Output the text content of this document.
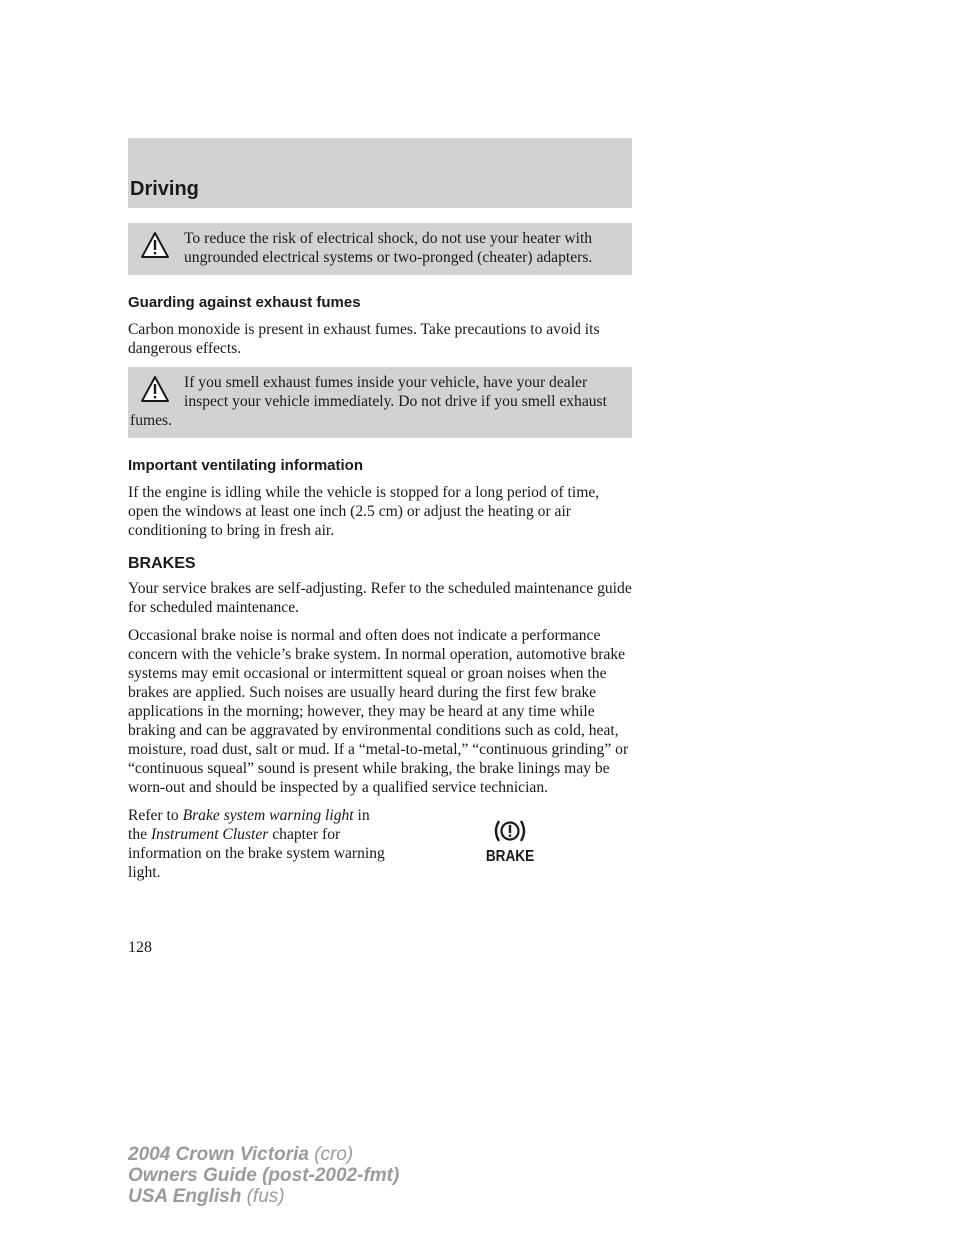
Driving

To reduce the risk of electrical shock, do not use your heater with ungrounded electrical systems or two-pronged (cheater) adapters.

Guarding against exhaust fumes

Carbon monoxide is present in exhaust fumes. Take precautions to avoid its dangerous effects.

If you smell exhaust fumes inside your vehicle, have your dealer inspect your vehicle immediately. Do not drive if you smell exhaust fumes.

Important ventilating information

If the engine is idling while the vehicle is stopped for a long period of time, open the windows at least one inch (2.5 cm) or adjust the heating or air conditioning to bring in fresh air.

BRAKES

Your service brakes are self-adjusting. Refer to the scheduled maintenance guide for scheduled maintenance.

Occasional brake noise is normal and often does not indicate a performance concern with the vehicle’s brake system. In normal operation, automotive brake systems may emit occasional or intermittent squeal or groan noises when the brakes are applied. Such noises are usually heard during the first few brake applications in the morning; however, they may be heard at any time while braking and can be aggravated by environmental conditions such as cold, heat, moisture, road dust, salt or mud. If a “metal-to-metal,” “continuous grinding” or “continuous squeal” sound is present while braking, the brake linings may be worn-out and should be inspected by a qualified service technician.

Refer to Brake system warning light in the Instrument Cluster chapter for information on the brake system warning light.

BRAKE
128
2004 Crown Victoria (cro)
Owners Guide (post-2002-fmt)
USA English (fus)
